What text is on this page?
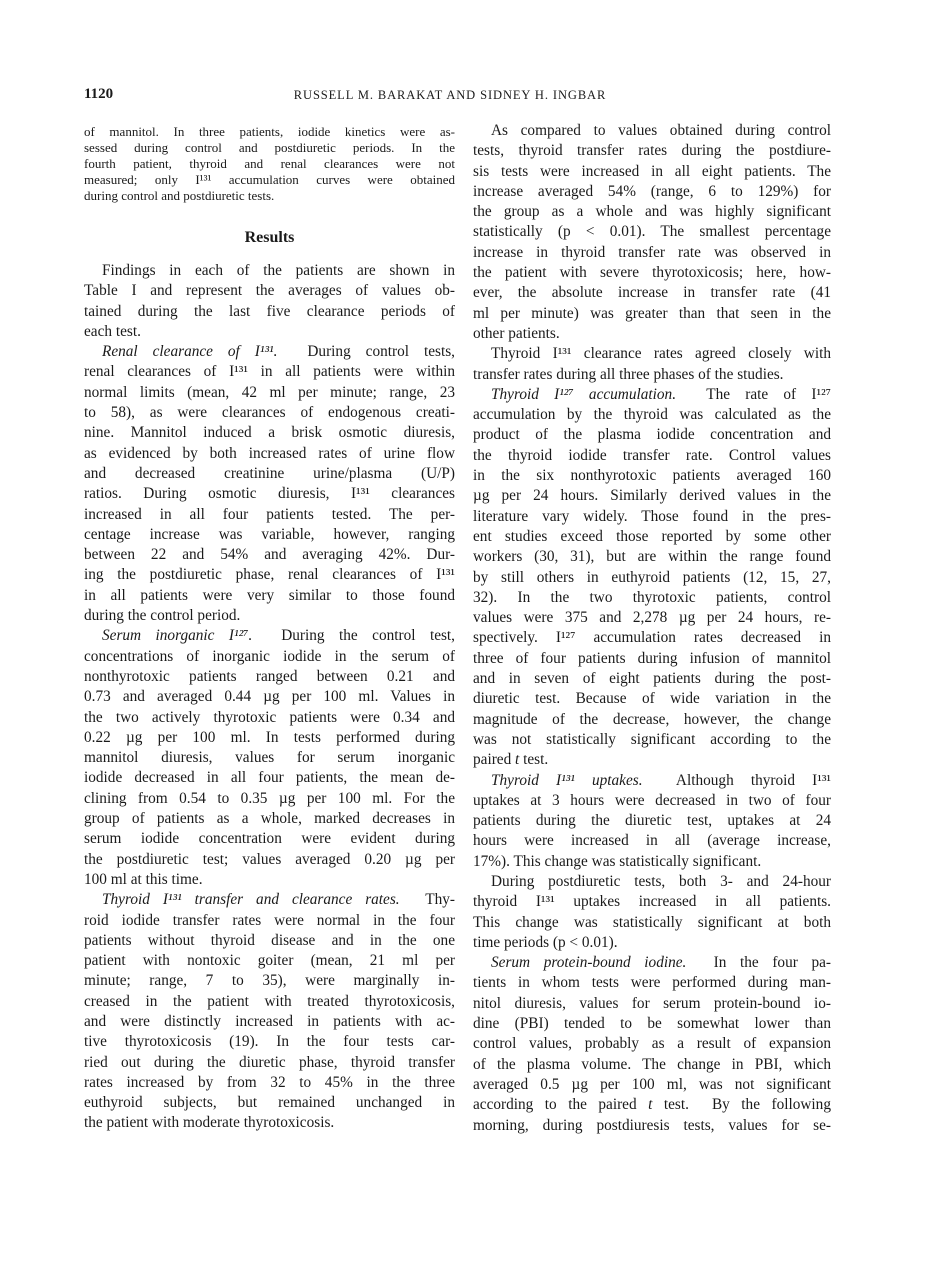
1120	RUSSELL M. BARAKAT AND SIDNEY H. INGBAR
of mannitol. In three patients, iodide kinetics were as-
sessed during control and postdiuretic periods. In the
fourth patient, thyroid and renal clearances were not
measured; only I¹³¹ accumulation curves were obtained
during control and postdiuretic tests.
Results
Findings in each of the patients are shown in
Table I and represent the averages of values ob-
tained during the last five clearance periods of
each test.
Renal clearance of I¹³¹.  During control tests,
renal clearances of I¹³¹ in all patients were within
normal limits (mean, 42 ml per minute; range, 23
to 58), as were clearances of endogenous creati-
nine. Mannitol induced a brisk osmotic diuresis,
as evidenced by both increased rates of urine flow
and decreased creatinine urine/plasma (U/P)
ratios. During osmotic diuresis, I¹³¹ clearances
increased in all four patients tested. The per-
centage increase was variable, however, ranging
between 22 and 54% and averaging 42%. Dur-
ing the postdiuretic phase, renal clearances of I¹³¹
in all patients were very similar to those found
during the control period.
Serum inorganic I¹²⁷.  During the control test,
concentrations of inorganic iodide in the serum of
nonthyrotoxic patients ranged between 0.21 and
0.73 and averaged 0.44 µg per 100 ml. Values in
the two actively thyrotoxic patients were 0.34 and
0.22 µg per 100 ml. In tests performed during
mannitol diuresis, values for serum inorganic
iodide decreased in all four patients, the mean de-
clining from 0.54 to 0.35 µg per 100 ml. For the
group of patients as a whole, marked decreases in
serum iodide concentration were evident during
the postdiuretic test; values averaged 0.20 µg per
100 ml at this time.
Thyroid I¹³¹ transfer and clearance rates.  Thy-
roid iodide transfer rates were normal in the four
patients without thyroid disease and in the one
patient with nontoxic goiter (mean, 21 ml per
minute; range, 7 to 35), were marginally in-
creased in the patient with treated thyrotoxicosis,
and were distinctly increased in patients with ac-
tive thyrotoxicosis (19). In the four tests car-
ried out during the diuretic phase, thyroid transfer
rates increased by from 32 to 45% in the three
euthyroid subjects, but remained unchanged in
the patient with moderate thyrotoxicosis.
As compared to values obtained during control
tests, thyroid transfer rates during the postdiure-
sis tests were increased in all eight patients. The
increase averaged 54% (range, 6 to 129%) for
the group as a whole and was highly significant
statistically (p < 0.01). The smallest percentage
increase in thyroid transfer rate was observed in
the patient with severe thyrotoxicosis; here, how-
ever, the absolute increase in transfer rate (41
ml per minute) was greater than that seen in the
other patients.
Thyroid I¹³¹ clearance rates agreed closely with
transfer rates during all three phases of the studies.
Thyroid I¹²⁷ accumulation.  The rate of I¹²⁷
accumulation by the thyroid was calculated as the
product of the plasma iodide concentration and
the thyroid iodide transfer rate. Control values
in the six nonthyrotoxic patients averaged 160
µg per 24 hours. Similarly derived values in the
literature vary widely. Those found in the pres-
ent studies exceed those reported by some other
workers (30, 31), but are within the range found
by still others in euthyroid patients (12, 15, 27,
32). In the two thyrotoxic patients, control
values were 375 and 2,278 µg per 24 hours, re-
spectively. I¹²⁷ accumulation rates decreased in
three of four patients during infusion of mannitol
and in seven of eight patients during the post-
diuretic test. Because of wide variation in the
magnitude of the decrease, however, the change
was not statistically significant according to the
paired t test.
Thyroid I¹³¹ uptakes.  Although thyroid I¹³¹
uptakes at 3 hours were decreased in two of four
patients during the diuretic test, uptakes at 24
hours were increased in all (average increase,
17%). This change was statistically significant.
During postdiuretic tests, both 3- and 24-hour
thyroid I¹³¹ uptakes increased in all patients.
This change was statistically significant at both
time periods (p < 0.01).
Serum protein-bound iodine.  In the four pa-
tients in whom tests were performed during man-
nitol diuresis, values for serum protein-bound io-
dine (PBI) tended to be somewhat lower than
control values, probably as a result of expansion
of the plasma volume. The change in PBI, which
averaged 0.5 µg per 100 ml, was not significant
according to the paired t test.  By the following
morning, during postdiuresis tests, values for se-
